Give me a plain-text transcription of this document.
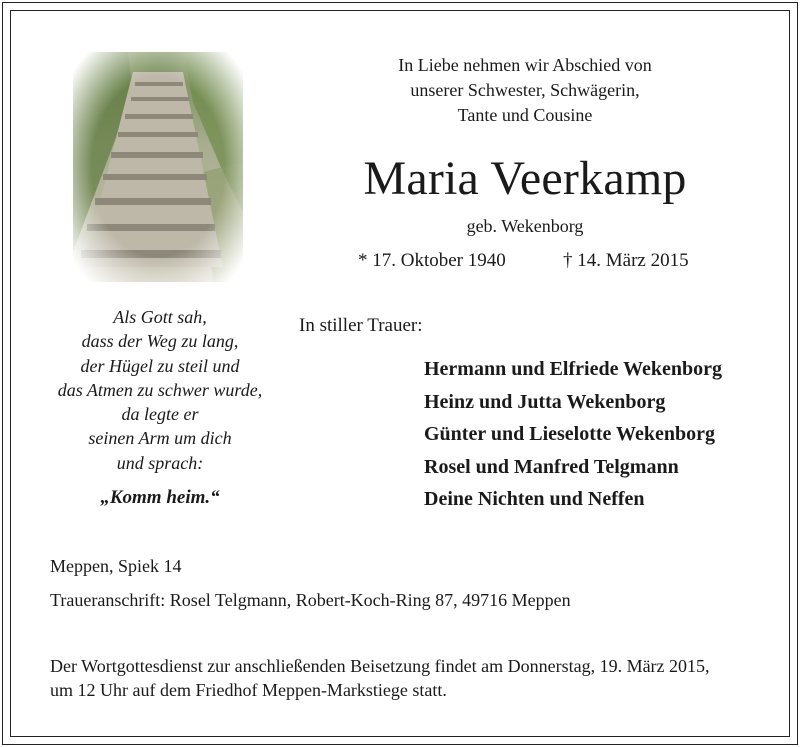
In Liebe nehmen wir Abschied von
unserer Schwester, Schwägerin,
Tante und Cousine
Maria Veerkamp
geb. Wekenborg
* 17. Oktober 1940	† 14. März 2015
Als Gott sah,
dass der Weg zu lang,
der Hügel zu steil und
das Atmen zu schwer wurde,
da legte er
seinen Arm um dich
und sprach:
„Komm heim.“
In stiller Trauer:
Hermann und Elfriede Wekenborg
Heinz und Jutta Wekenborg
Günter und Lieselotte Wekenborg
Rosel und Manfred Telgmann
Deine Nichten und Neffen
Meppen, Spiek 14
Traueranschrift: Rosel Telgmann, Robert-Koch-Ring 87, 49716 Meppen
Der Wortgottesdienst zur anschließenden Beisetzung findet am Donnerstag, 19. März 2015,
um 12 Uhr auf dem Friedhof Meppen-Markstiege statt.
